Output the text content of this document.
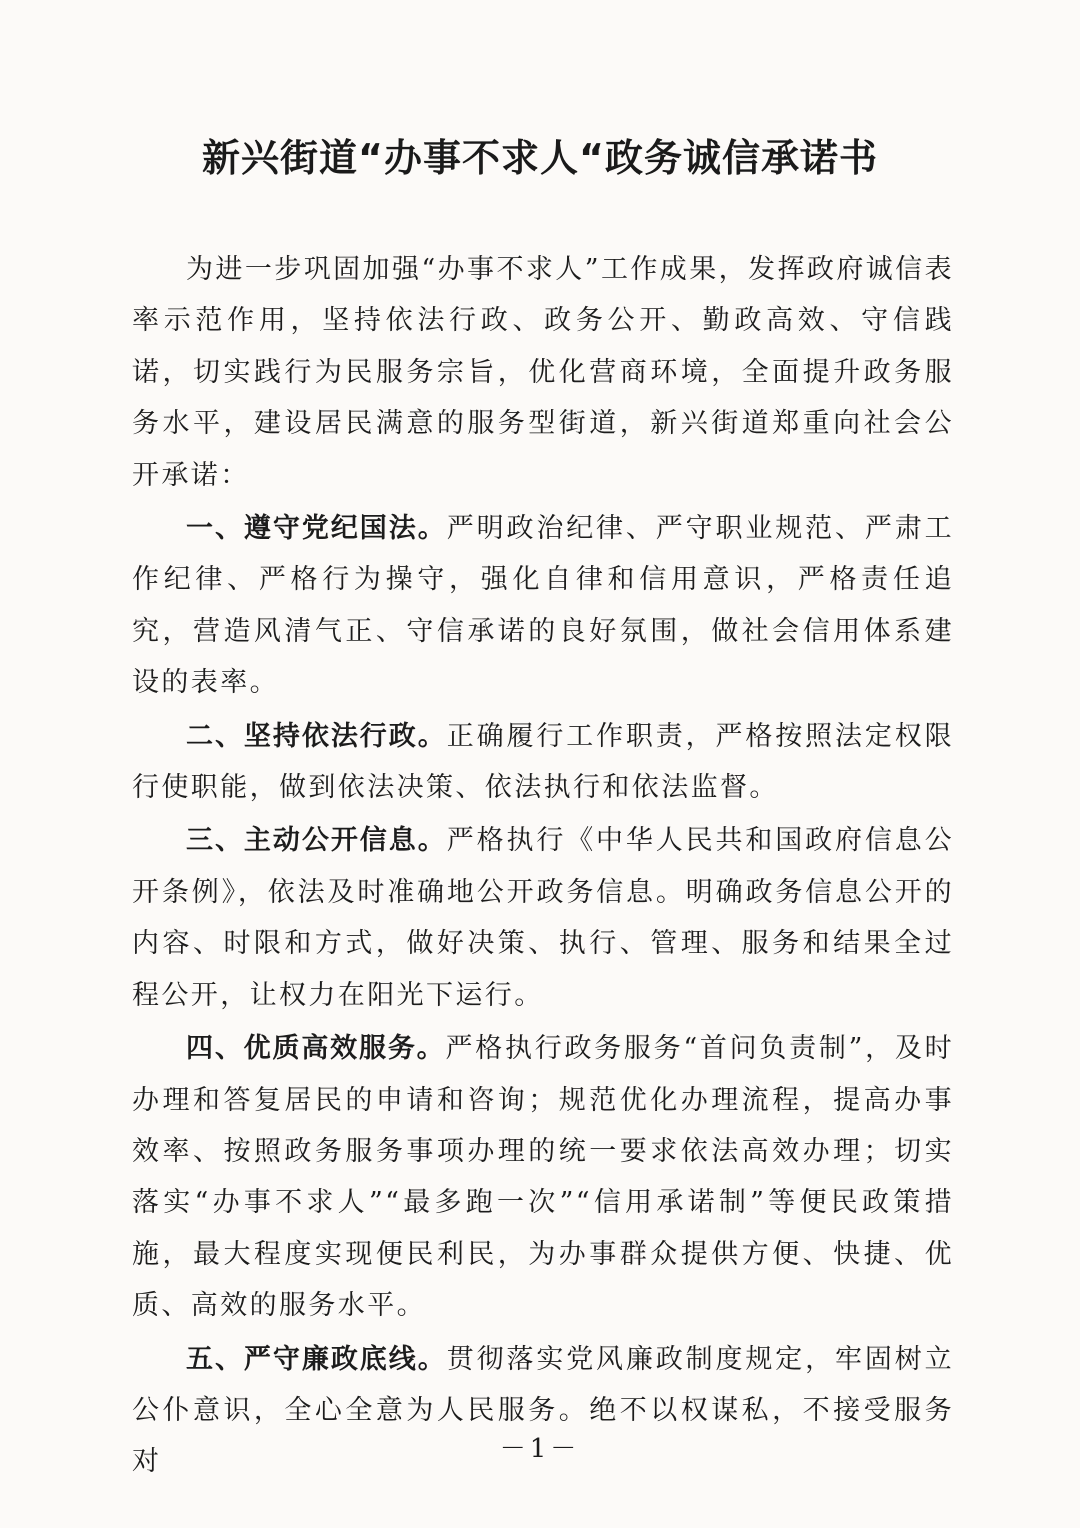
新兴街道“办事不求人“政务诚信承诺书

为进一步巩固加强“办事不求人”工作成果，发挥政府诚信表率示范作用，坚持依法行政、政务公开、勤政高效、守信践诺，切实践行为民服务宗旨，优化营商环境，全面提升政务服务水平，建设居民满意的服务型街道，新兴街道郑重向社会公开承诺：

一、遵守党纪国法。严明政治纪律、严守职业规范、严肃工作纪律、严格行为操守，强化自律和信用意识，严格责任追究，营造风清气正、守信承诺的良好氛围，做社会信用体系建设的表率。

二、坚持依法行政。正确履行工作职责，严格按照法定权限行使职能，做到依法决策、依法执行和依法监督。

三、主动公开信息。严格执行《中华人民共和国政府信息公开条例》，依法及时准确地公开政务信息。明确政务信息公开的内容、时限和方式，做好决策、执行、管理、服务和结果全过程公开，让权力在阳光下运行。

四、优质高效服务。严格执行政务服务“首问负责制”，及时办理和答复居民的申请和咨询；规范优化办理流程，提高办事效率、按照政务服务事项办理的统一要求依法高效办理；切实落实“办事不求人”“最多跑一次”“信用承诺制”等便民政策措施，最大程度实现便民利民，为办事群众提供方便、快捷、优质、高效的服务水平。

五、严守廉政底线。贯彻落实党风廉政制度规定，牢固树立公仆意识，全心全意为人民服务。绝不以权谋私，不接受服务对	－1－
